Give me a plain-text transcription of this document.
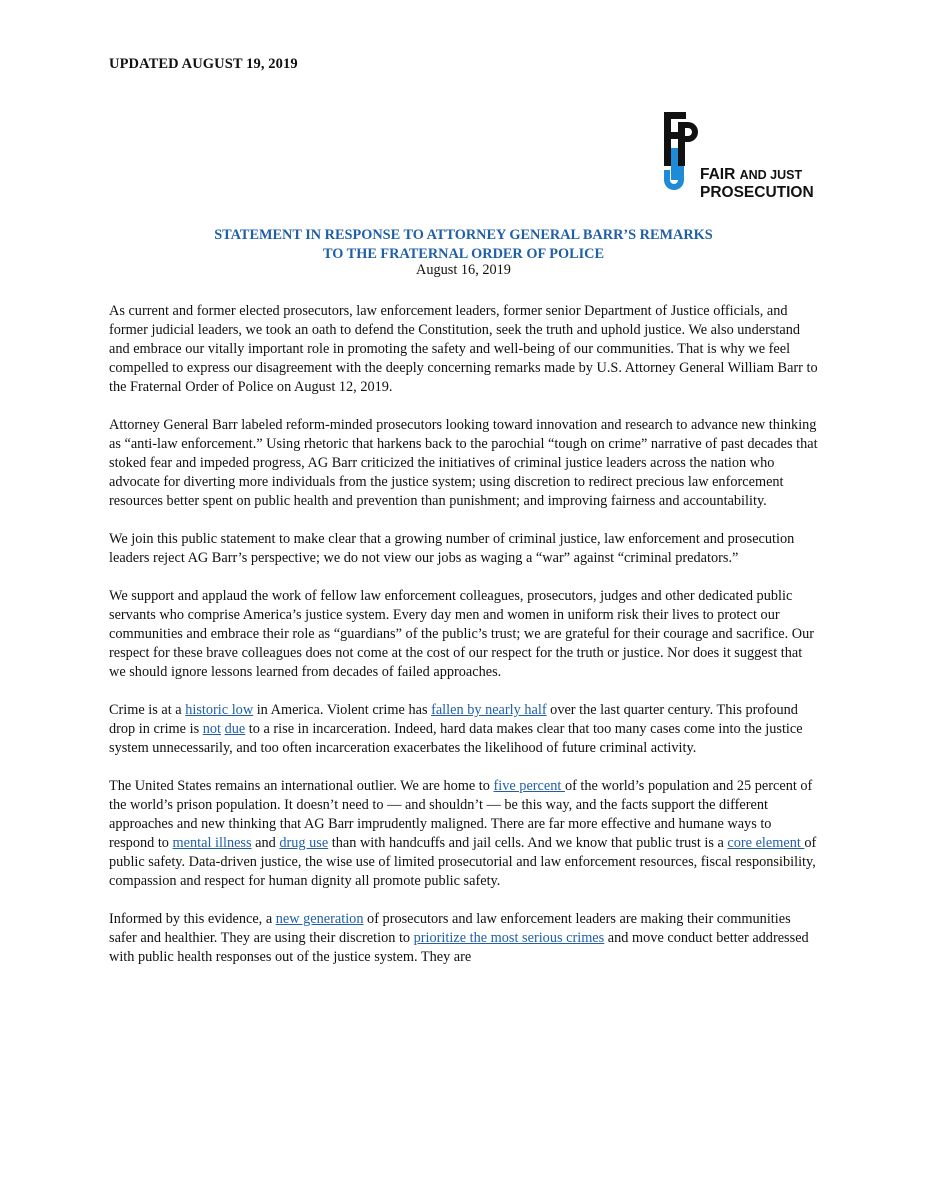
UPDATED AUGUST 19, 2019
FAIR AND JUST
PROSECUTION
STATEMENT IN RESPONSE TO ATTORNEY GENERAL BARR’S REMARKS
TO THE FRATERNAL ORDER OF POLICE
August 16, 2019

As current and former elected prosecutors, law enforcement leaders, former senior Department of Justice officials, and former judicial leaders, we took an oath to defend the Constitution, seek the truth and uphold justice. We also understand and embrace our vitally important role in promoting the safety and well-being of our communities. That is why we feel compelled to express our disagreement with the deeply concerning remarks made by U.S. Attorney General William Barr to the Fraternal Order of Police on August 12, 2019.

Attorney General Barr labeled reform-minded prosecutors looking toward innovation and research to advance new thinking as “anti-law enforcement.” Using rhetoric that harkens back to the parochial “tough on crime” narrative of past decades that stoked fear and impeded progress, AG Barr criticized the initiatives of criminal justice leaders across the nation who advocate for diverting more individuals from the justice system; using discretion to redirect precious law enforcement resources better spent on public health and prevention than punishment; and improving fairness and accountability.

We join this public statement to make clear that a growing number of criminal justice, law enforcement and prosecution leaders reject AG Barr’s perspective; we do not view our jobs as waging a “war” against “criminal predators.”

We support and applaud the work of fellow law enforcement colleagues, prosecutors, judges and other dedicated public servants who comprise America’s justice system. Every day men and women in uniform risk their lives to protect our communities and embrace their role as “guardians” of the public’s trust; we are grateful for their courage and sacrifice. Our respect for these brave colleagues does not come at the cost of our respect for the truth or justice. Nor does it suggest that we should ignore lessons learned from decades of failed approaches.

Crime is at a historic low in America. Violent crime has fallen by nearly half over the last quarter century. This profound drop in crime is not due to a rise in incarceration. Indeed, hard data makes clear that too many cases come into the justice system unnecessarily, and too often incarceration exacerbates the likelihood of future criminal activity.

The United States remains an international outlier. We are home to five percent of the world’s population and 25 percent of the world’s prison population. It doesn’t need to — and shouldn’t — be this way, and the facts support the different approaches and new thinking that AG Barr imprudently maligned. There are far more effective and humane ways to respond to mental illness and drug use than with handcuffs and jail cells. And we know that public trust is a core element of public safety. Data-driven justice, the wise use of limited prosecutorial and law enforcement resources, fiscal responsibility, compassion and respect for human dignity all promote public safety.

Informed by this evidence, a new generation of prosecutors and law enforcement leaders are making their communities safer and healthier. They are using their discretion to prioritize the most serious crimes and move conduct better addressed with public health responses out of the justice system. They are
